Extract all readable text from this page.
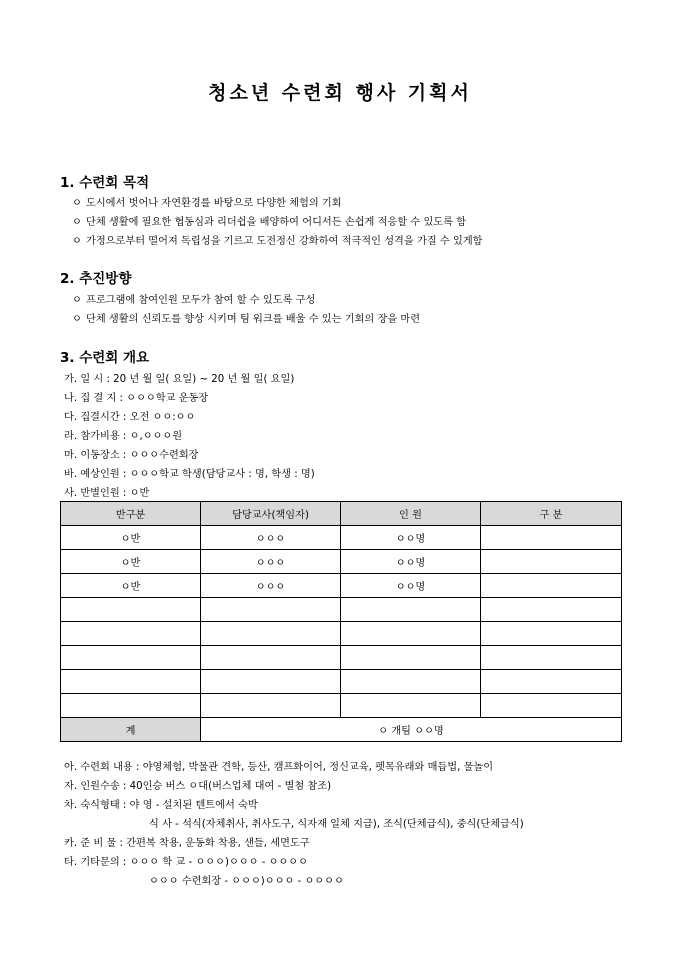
청소년 수련회 행사 기획서
1. 수련회 목적
ㅇ 도시에서 벗어나 자연환경를 바탕으로 다양한 체험의 기회
ㅇ 단체 생활에 필요한 협동심과 리더쉽을 배양하여 어디서든 손쉽게 적응할 수 있도록 함
ㅇ 가정으로부터 떨어져 독립성을 기르고 도전정신 강화하여 적극적인 성격을 가질 수 있게함
2. 추진방향
ㅇ 프로그램에 참여인원 모두가 참여 할 수 있도록 구성
ㅇ 단체 생활의 신뢰도를 향상 시키며 팀 워크를 배울 수 있는 기회의 장을 마련
3. 수련회 개요
가. 일 시 : 20 년 월 일( 요일) ~ 20 년 월 일( 요일)
나. 집 결 지 : ㅇㅇㅇ학교 운동장
다. 집결시간 : 오전 ㅇㅇ:ㅇㅇ
라. 참가비용 : ㅇ,ㅇㅇㅇ원
마. 이동장소 : ㅇㅇㅇ수련회장
바. 예상인원 : ㅇㅇㅇ학교 학생(담당교사 : 명, 학생 : 명)
사. 반별인원 : ㅇ반
반구분	담당교사(책임자)	인 원	구 분
ㅇ반	ㅇㅇㅇ	ㅇㅇ명	
ㅇ반	ㅇㅇㅇ	ㅇㅇ명	
ㅇ반	ㅇㅇㅇ	ㅇㅇ명	

계	ㅇ 개팀 ㅇㅇ명		
아. 수련회 내용 : 야영체험, 박물관 견학, 등산, 캠프화이어, 정신교육, 펫목유래와 매듭법, 물놀이
자. 인원수송 : 40인승 버스 ㅇ대(버스업체 대여 - 별첨 참조)
차. 숙식형태 : 야 영 - 설치된 텐트에서 숙박
식 사 - 석식(자체취사, 취사도구, 식자재 일체 지급), 조식(단체급식), 중식(단체급식)
카. 준 비 물 : 간편복 착용, 운동화 착용, 샌들, 세면도구
타. 기타문의 : ㅇㅇㅇ 학 교 - ㅇㅇㅇ)ㅇㅇㅇ - ㅇㅇㅇㅇ
ㅇㅇㅇ 수련회장 - ㅇㅇㅇ)ㅇㅇㅇ - ㅇㅇㅇㅇ
